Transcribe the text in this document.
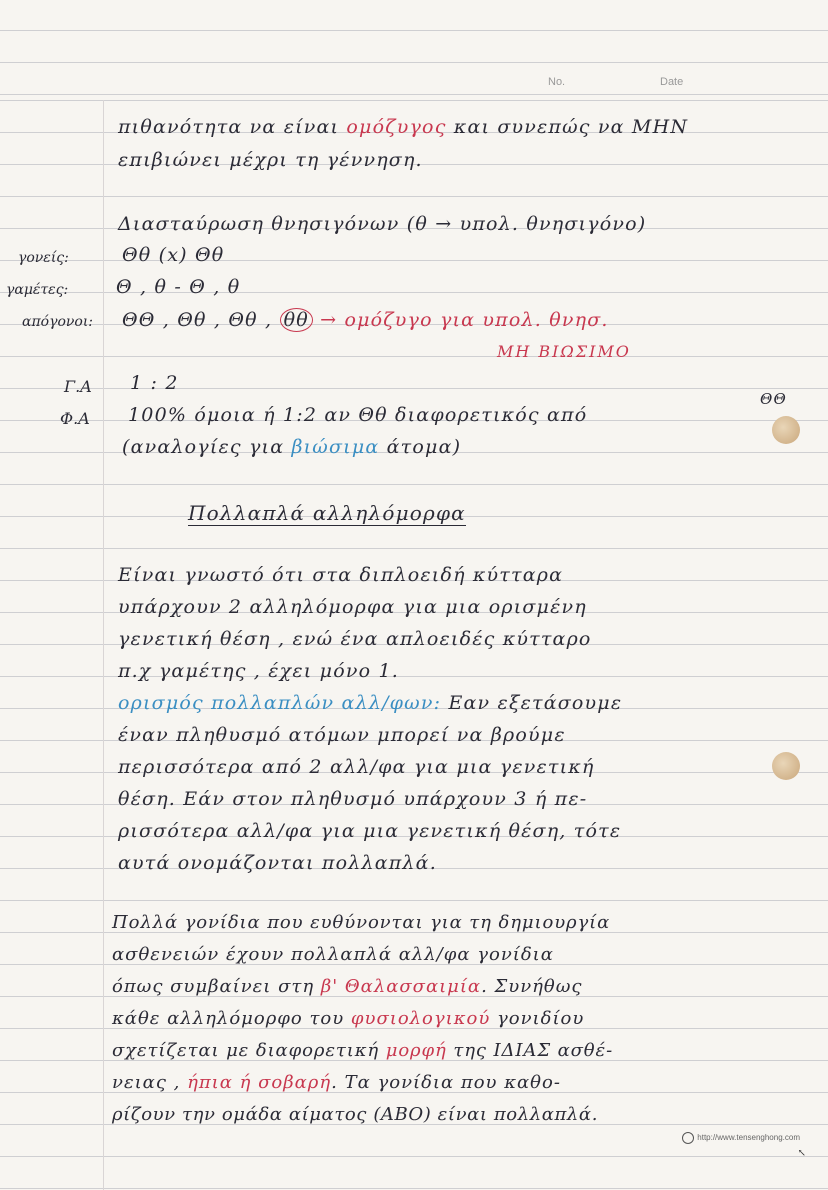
No.	Date
πιθανότητα να είναι ομόζυγος και συνεπώς να ΜΗΝ
επιβιώνει μέχρι τη γέννηση.
Διασταύρωση θνησιγόνων (θ → υπολ. θνησιγόνο)
γονείς:	Θθ (x) Θθ
γαμέτες:	Θ , θ - Θ , θ
απόγονοι: ΘΘ , Θθ , Θθ , θθ → ομόζυγο για υπολ. θνησ.
ΜΗ ΒΙΩΣΙΜΟ
Γ.Α 1 : 2
Φ.Α 100% όμοια ή 1:2 αν Θθ διαφορετικός από
ΘΘ
(αναλογίες για βιώσιμα άτομα)
Πολλαπλά αλληλόμορφα
Είναι γνωστό ότι στα διπλοειδή κύτταρα
υπάρχουν 2 αλληλόμορφα για μια ορισμένη
γενετική θέση , ενώ ένα απλοειδές κύτταρο
π.χ γαμέτης , έχει μόνο 1.
ορισμός πολλαπλών αλλ/φων: Εαν εξετάσουμε
έναν πληθυσμό ατόμων μπορεί να βρούμε
περισσότερα από 2 αλλ/φα για μια γενετική
θέση. Εάν στον πληθυσμό υπάρχουν 3 ή πε-
ρισσότερα αλλ/φα για μια γενετική θέση, τότε
αυτά ονομάζονται πολλαπλά.
Πολλά γονίδια που ευθύνονται για τη δημιουργία
ασθενειών έχουν πολλαπλά αλλ/φα γονίδια
όπως συμβαίνει στη β' Θαλασσαιμία. Συνήθως
κάθε αλληλόμορφο του φυσιολογικού γονιδίου
σχετίζεται με διαφορετική μορφή της ΙΔΙΑΣ ασθέ-
νειας , ήπια ή σοβαρή. Τα γονίδια που καθο-
ρίζουν την ομάδα αίματος (ΑΒΟ) είναι πολλαπλά.
http://www.tensenghong.com
↖
